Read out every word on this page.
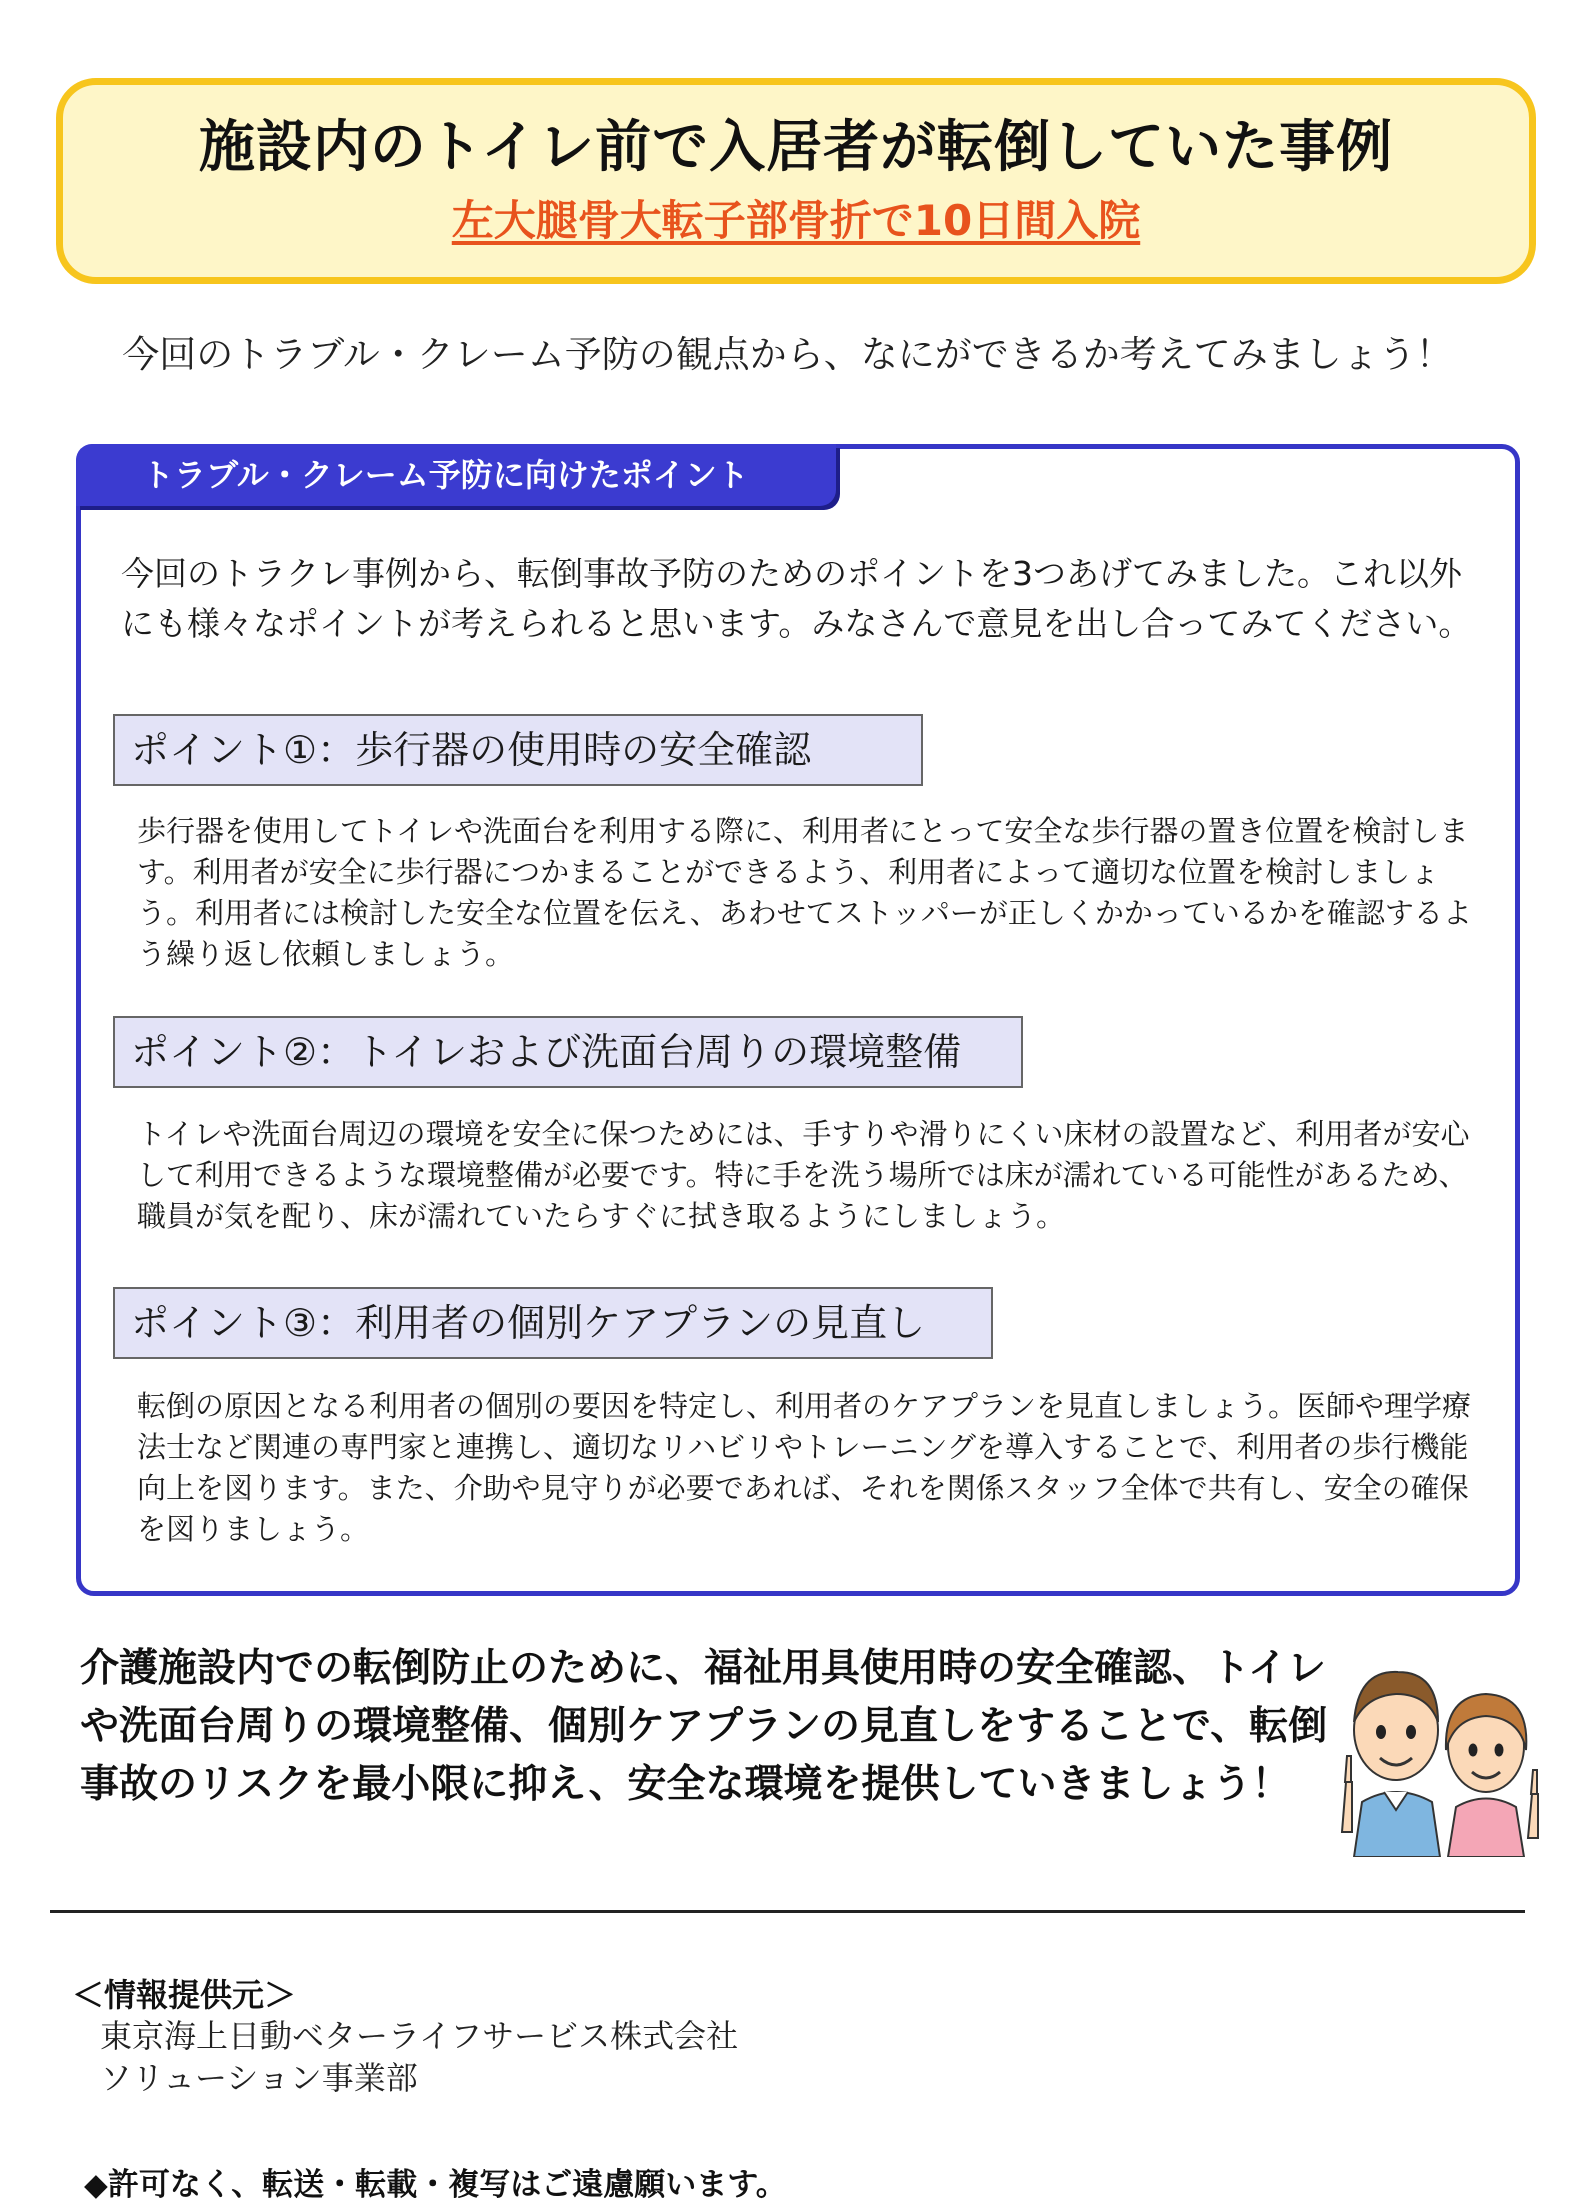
施設内のトイレ前で入居者が転倒していた事例
左大腿骨大転子部骨折で10日間入院
今回のトラブル・クレーム予防の観点から、なにができるか考えてみましょう！
トラブル・クレーム予防に向けたポイント
今回のトラクレ事例から、転倒事故予防のためのポイントを3つあげてみました。これ以外にも様々なポイントが考えられると思います。みなさんで意見を出し合ってみてください。
ポイント①：歩行器の使用時の安全確認
歩行器を使用してトイレや洗面台を利用する際に、利用者にとって安全な歩行器の置き位置を検討します。利用者が安全に歩行器につかまることができるよう、利用者によって適切な位置を検討しましょう。利用者には検討した安全な位置を伝え、あわせてストッパーが正しくかかっているかを確認するよう繰り返し依頼しましょう。
ポイント②：トイレおよび洗面台周りの環境整備
トイレや洗面台周辺の環境を安全に保つためには、手すりや滑りにくい床材の設置など、利用者が安心して利用できるような環境整備が必要です。特に手を洗う場所では床が濡れている可能性があるため、職員が気を配り、床が濡れていたらすぐに拭き取るようにしましょう。
ポイント③：利用者の個別ケアプランの見直し
転倒の原因となる利用者の個別の要因を特定し、利用者のケアプランを見直しましょう。医師や理学療法士など関連の専門家と連携し、適切なリハビリやトレーニングを導入することで、利用者の歩行機能向上を図ります。また、介助や見守りが必要であれば、それを関係スタッフ全体で共有し、安全の確保を図りましょう。
介護施設内での転倒防止のために、福祉用具使用時の安全確認、トイレや洗面台周りの環境整備、個別ケアプランの見直しをすることで、転倒事故のリスクを最小限に抑え、安全な環境を提供していきましょう！
＜情報提供元＞
東京海上日動ベターライフサービス株式会社
ソリューション事業部
◆許可なく、転送・転載・複写はご遠慮願います。
